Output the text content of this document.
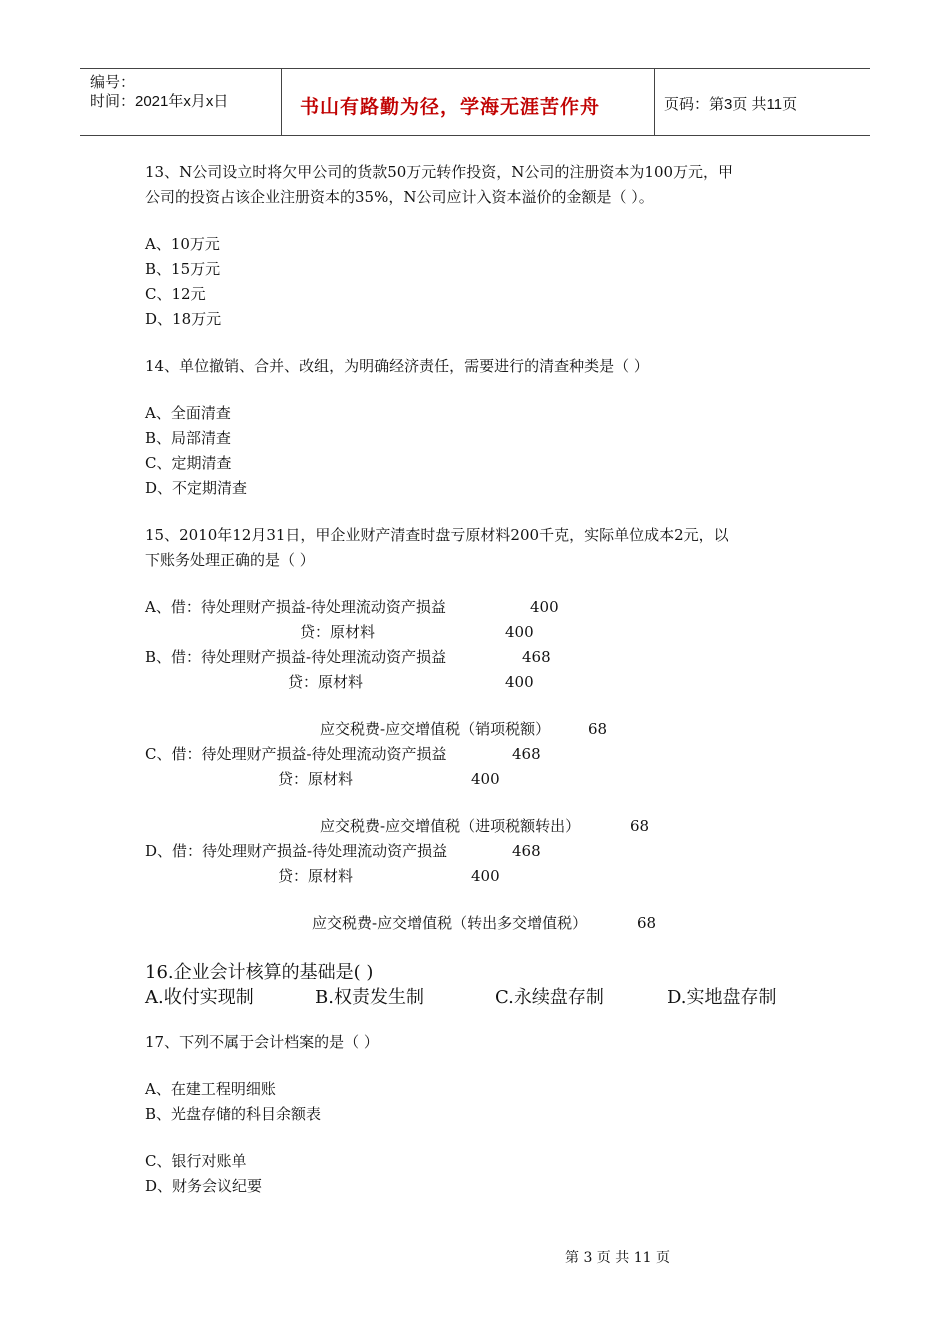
编号：
时间：2021年x月x日	书山有路勤为径，学海无涯苦作舟	页码：第3页 共11页
13、N公司设立时将欠甲公司的货款50万元转作投资，N公司的注册资本为100万元，甲
公司的投资占该企业注册资本的35%，N公司应计入资本溢价的金额是（ ）。
A、10万元
B、15万元
C、12元
D、18万元
14、单位撤销、合并、改组，为明确经济责任，需要进行的清查种类是（ ）
A、全面清查
B、局部清查
C、定期清查
D、不定期清查
15、2010年12月31日，甲企业财产清查时盘亏原材料200千克，实际单位成本2元，以
下账务处理正确的是（ ）
A、借：待处理财产损益-待处理流动资产损益	400
贷：原材料	400
B、借：待处理财产损益-待处理流动资产损益	468
贷：原材料	400
应交税费-应交增值税（销项税额）	68
C、借：待处理财产损益-待处理流动资产损益	468
贷：原材料	400
应交税费-应交增值税（进项税额转出）	68
D、借：待处理财产损益-待处理流动资产损益	468
贷：原材料	400
应交税费-应交增值税（转出多交增值税）	68
16.企业会计核算的基础是( )
A.收付实现制	B.权责发生制	C.永续盘存制	D.实地盘存制
17、下列不属于会计档案的是（ ）
A、在建工程明细账
B、光盘存储的科目余额表
C、银行对账单
D、财务会议纪要
第 3 页 共 11 页
